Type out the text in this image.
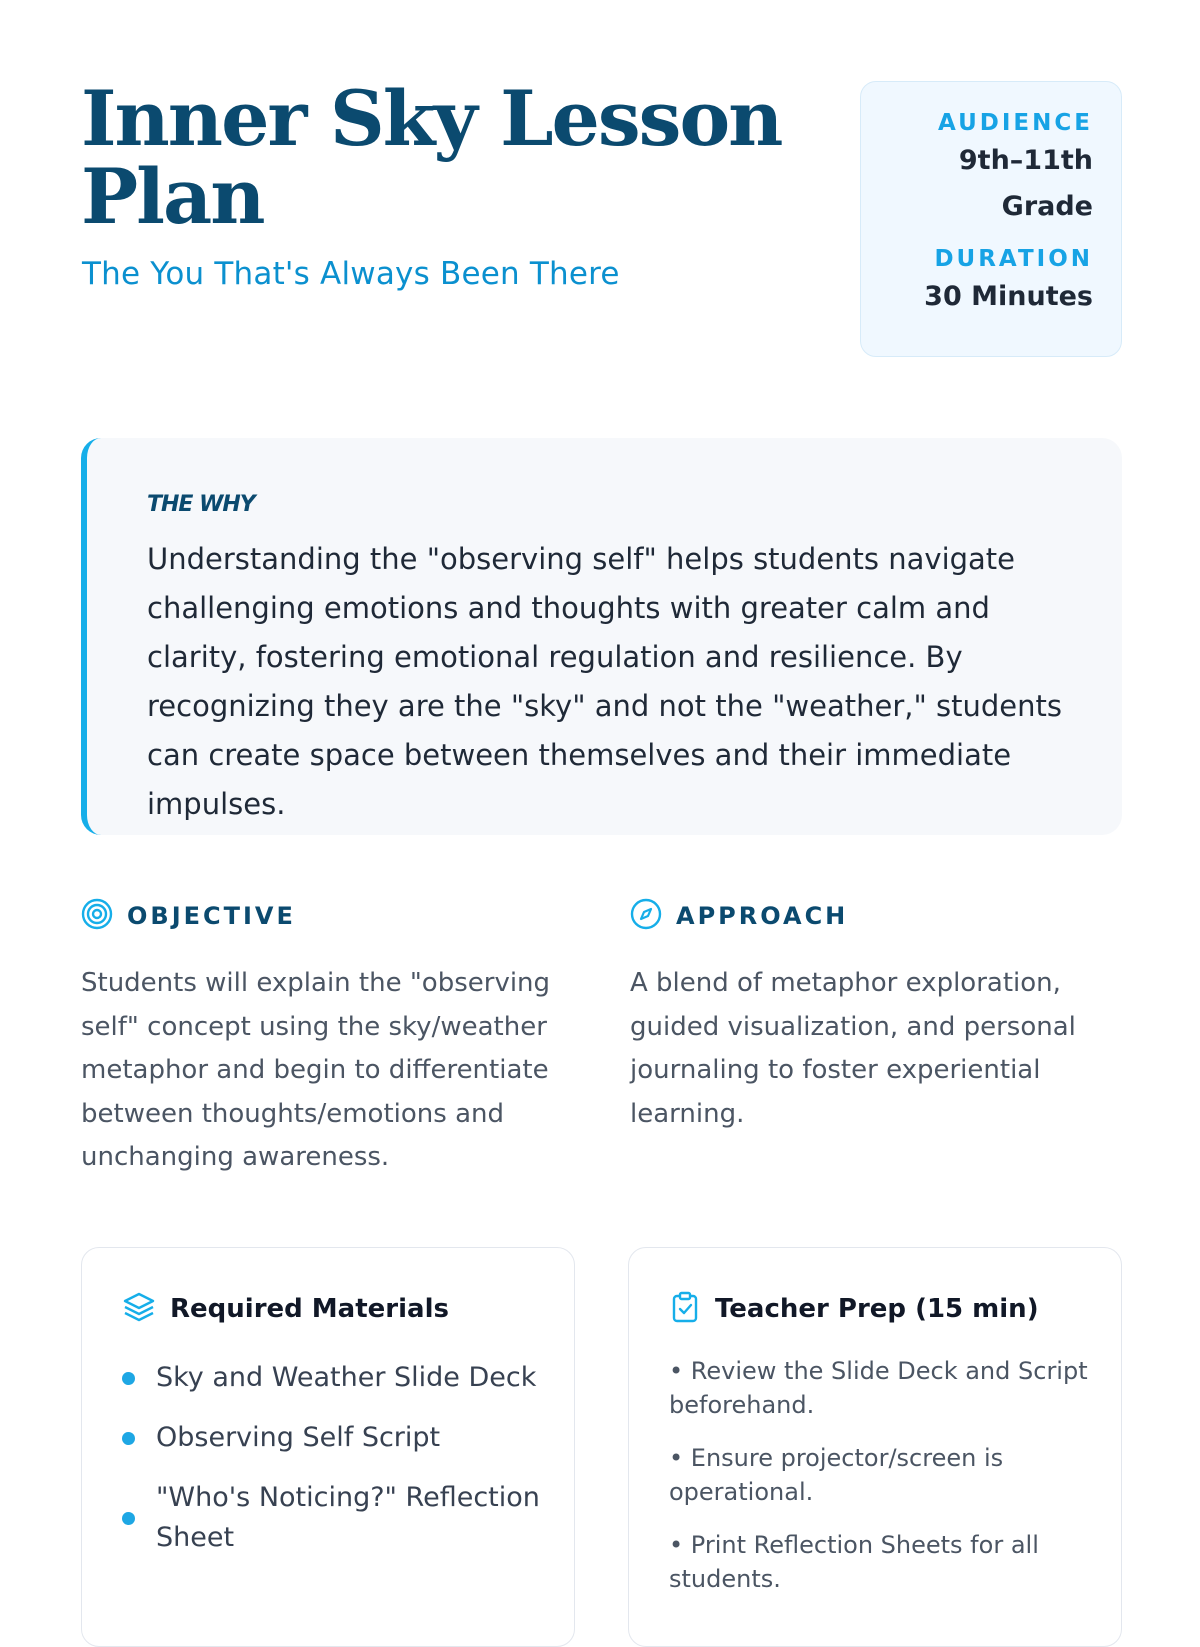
Inner Sky Lesson Plan

The You That's Always Been There

AUDIENCE
9th–11th Grade
DURATION
30 Minutes
THE WHY

Understanding the "observing self" helps students navigate challenging emotions and thoughts with greater calm and clarity, fostering emotional regulation and resilience. By recognizing they are the "sky" and not the "weather," students can create space between themselves and their immediate impulses.

OBJECTIVE

Students will explain the "observing self" concept using the sky/weather metaphor and begin to differentiate between thoughts/emotions and unchanging awareness.

APPROACH

A blend of metaphor exploration, guided visualization, and personal journaling to foster experiential learning.

Required Materials
Sky and Weather Slide Deck
Observing Self Script
"Who's Noticing?" Reflection Sheet
Teacher Prep (15 min)
• Review the Slide Deck and Script beforehand.
• Ensure projector/screen is operational.
• Print Reflection Sheets for all students.
